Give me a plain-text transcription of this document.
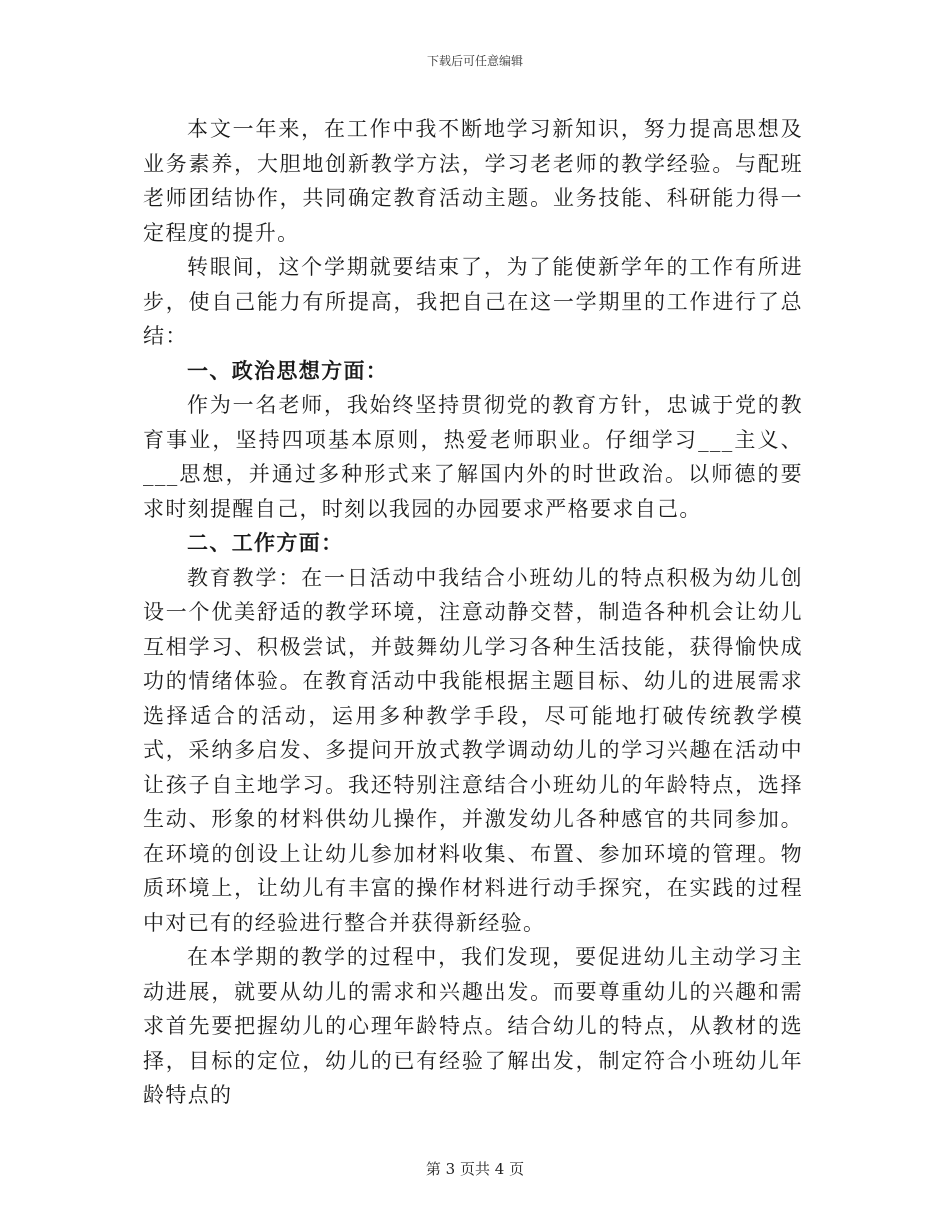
下载后可任意编辑

本文一年来，在工作中我不断地学习新知识，努力提高思想及业务素养，大胆地创新教学方法，学习老老师的教学经验。与配班老师团结协作，共同确定教育活动主题。业务技能、科研能力得一定程度的提升。

转眼间，这个学期就要结束了，为了能使新学年的工作有所进步，使自己能力有所提高，我把自己在这一学期里的工作进行了总结：

一、政治思想方面：

作为一名老师，我始终坚持贯彻党的教育方针，忠诚于党的教育事业，坚持四项基本原则，热爱老师职业。仔细学习___主义、___思想，并通过多种形式来了解国内外的时世政治。以师德的要求时刻提醒自己，时刻以我园的办园要求严格要求自己。

二、工作方面：

教育教学：在一日活动中我结合小班幼儿的特点积极为幼儿创设一个优美舒适的教学环境，注意动静交替，制造各种机会让幼儿互相学习、积极尝试，并鼓舞幼儿学习各种生活技能，获得愉快成功的情绪体验。在教育活动中我能根据主题目标、幼儿的进展需求选择适合的活动，运用多种教学手段，尽可能地打破传统教学模式，采纳多启发、多提问开放式教学调动幼儿的学习兴趣在活动中让孩子自主地学习。我还特别注意结合小班幼儿的年龄特点，选择生动、形象的材料供幼儿操作，并激发幼儿各种感官的共同参加。在环境的创设上让幼儿参加材料收集、布置、参加环境的管理。物质环境上，让幼儿有丰富的操作材料进行动手探究，在实践的过程中对已有的经验进行整合并获得新经验。

在本学期的教学的过程中，我们发现，要促进幼儿主动学习主动进展，就要从幼儿的需求和兴趣出发。而要尊重幼儿的兴趣和需求首先要把握幼儿的心理年龄特点。结合幼儿的特点，从教材的选择，目标的定位，幼儿的已有经验了解出发，制定符合小班幼儿年龄特点的

第 3 页共 4 页
